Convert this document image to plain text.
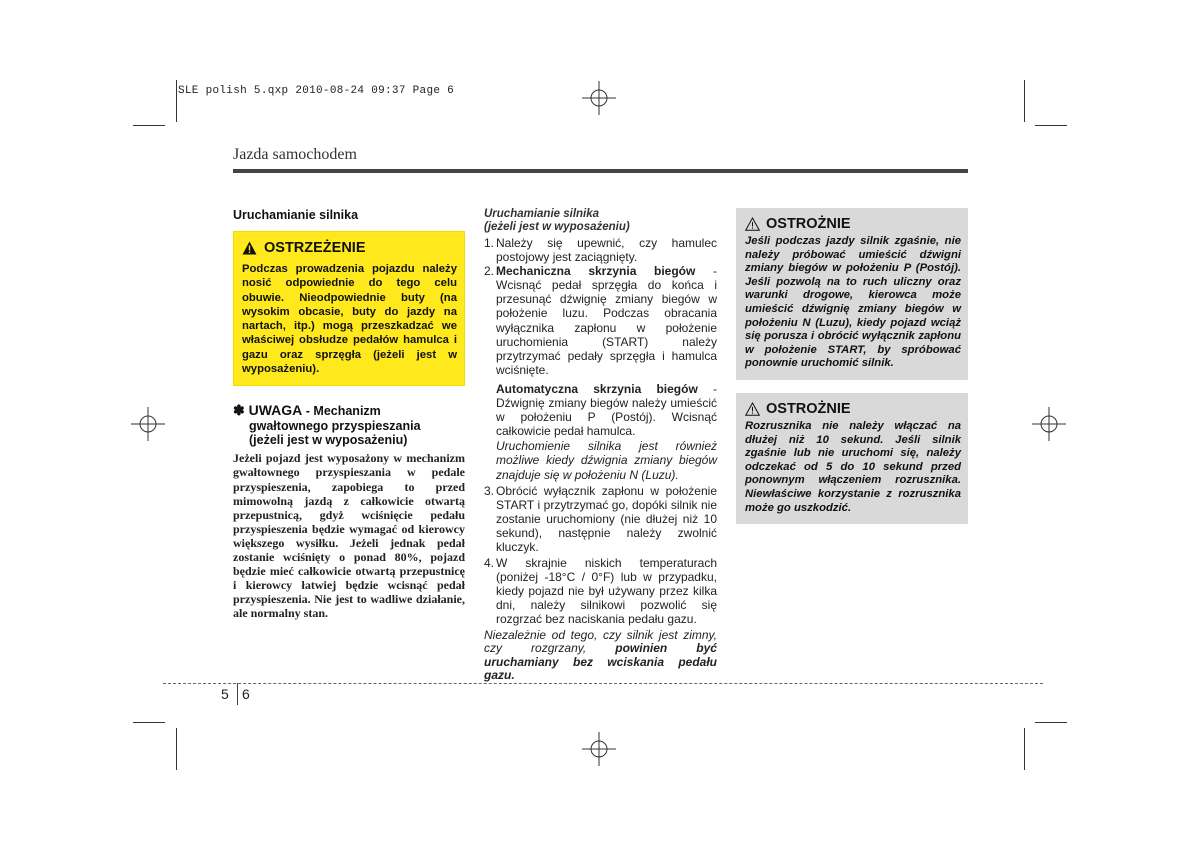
SLE polish 5.qxp 2010-08-24 09:37 Page 6
Jazda samochodem
Uruchamianie silnika
OSTRZEŻENIE
Podczas prowadzenia pojazdu należy nosić odpowiednie do tego celu obuwie. Nieodpowiednie buty (na wysokim obcasie, buty do jazdy na nartach, itp.) mogą przeszkadzać we właściwej obsłudze pedałów hamulca i gazu oraz sprzęgła (jeżeli jest w wyposażeniu).
✽ UWAGA - Mechanizm
gwałtownego przyspieszania
(jeżeli jest w wyposażeniu)
Jeżeli pojazd jest wyposażony w mechanizm gwałtownego przyspieszania w pedale przyspieszenia, zapobiega to przed mimowolną jazdą z całkowicie otwartą przepustnicą, gdyż wciśnięcie pedału przyspieszenia będzie wymagać od kierowcy większego wysiłku. Jeżeli jednak pedał zostanie wciśnięty o ponad 80%, pojazd będzie mieć całkowicie otwartą przepustnicę i kierowcy łatwiej będzie wcisnąć pedał przyspieszenia. Nie jest to wadliwe działanie, ale normalny stan.
Uruchamianie silnika
(jeżeli jest w wyposażeniu)
1. Należy się upewnić, czy hamulec postojowy jest zaciągnięty.
2. Mechaniczna skrzynia biegów - Wcisnąć pedał sprzęgła do końca i przesunąć dźwignię zmiany biegów w położenie luzu. Podczas obracania wyłącznika zapłonu w położenie uruchomienia (START) należy przytrzymać pedały sprzęgła i hamulca wciśnięte.
Automatyczna skrzynia biegów - Dźwignię zmiany biegów należy umieścić w położeniu P (Postój). Wcisnąć całkowicie pedał hamulca.
Uruchomienie silnika jest również możliwe kiedy dźwignia zmiany biegów znajduje się w położeniu N (Luzu).
3. Obrócić wyłącznik zapłonu w położenie START i przytrzymać go, dopóki silnik nie zostanie uruchomiony (nie dłużej niż 10 sekund), następnie należy zwolnić kluczyk.
4. W skrajnie niskich temperaturach (poniżej -18°C / 0°F) lub w przypadku, kiedy pojazd nie był używany przez kilka dni, należy silnikowi pozwolić się rozgrzać bez naciskania pedału gazu.
Niezależnie od tego, czy silnik jest zimny, czy rozgrzany, powinien być uruchamiany bez wciskania pedału gazu.
OSTROŻNIE
Jeśli podczas jazdy silnik zgaśnie, nie należy próbować umieścić dźwigni zmiany biegów w położeniu P (Postój). Jeśli pozwolą na to ruch uliczny oraz warunki drogowe, kierowca może umieścić dźwignię zmiany biegów w położeniu N (Luzu), kiedy pojazd wciąż się porusza i obrócić wyłącznik zapłonu w położenie START, by spróbować ponownie uruchomić silnik.
OSTROŻNIE
Rozrusznika nie należy włączać na dłużej niż 10 sekund. Jeśli silnik zgaśnie lub nie uruchomi się, należy odczekać od 5 do 10 sekund przed ponownym włączeniem rozrusznika. Niewłaściwe korzystanie z rozrusznika może go uszkodzić.
5 6
